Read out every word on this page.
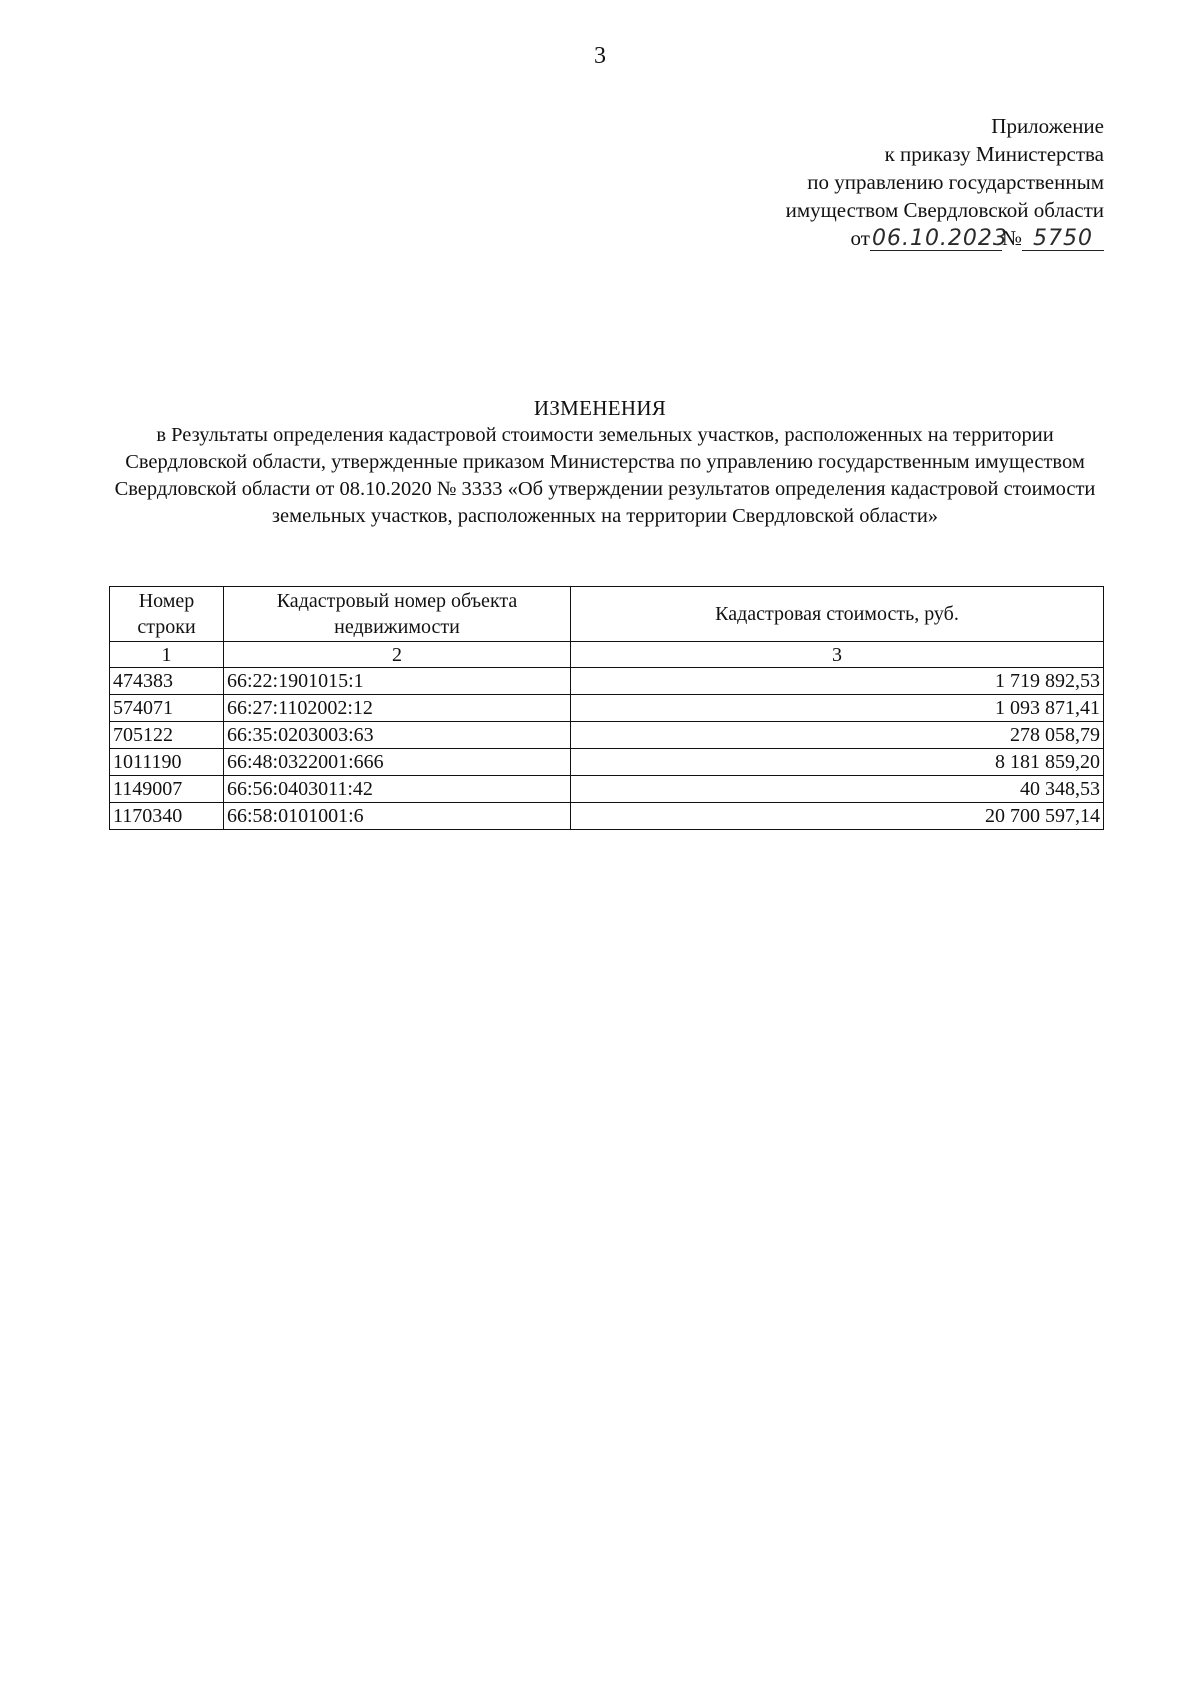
3
Приложение
к приказу Министерства
по управлению государственным
имуществом Свердловской области
от06.10.2023№ 5750
ИЗМЕНЕНИЯ
в Результаты определения кадастровой стоимости земельных участков, расположенных на территории Свердловской области, утвержденные приказом Министерства по управлению государственным имуществом Свердловской области от 08.10.2020 № 3333 «Об утверждении результатов определения кадастровой стоимости земельных участков, расположенных на территории Свердловской области»
Номер строки	Кадастровый номер объекта недвижимости	Кадастровая стоимость, руб.
1	2	3
474383	66:22:1901015:1	1 719 892,53
574071	66:27:1102002:12	1 093 871,41
705122	66:35:0203003:63	278 058,79
1011190	66:48:0322001:666	8 181 859,20
1149007	66:56:0403011:42	40 348,53
1170340	66:58:0101001:6	20 700 597,14
